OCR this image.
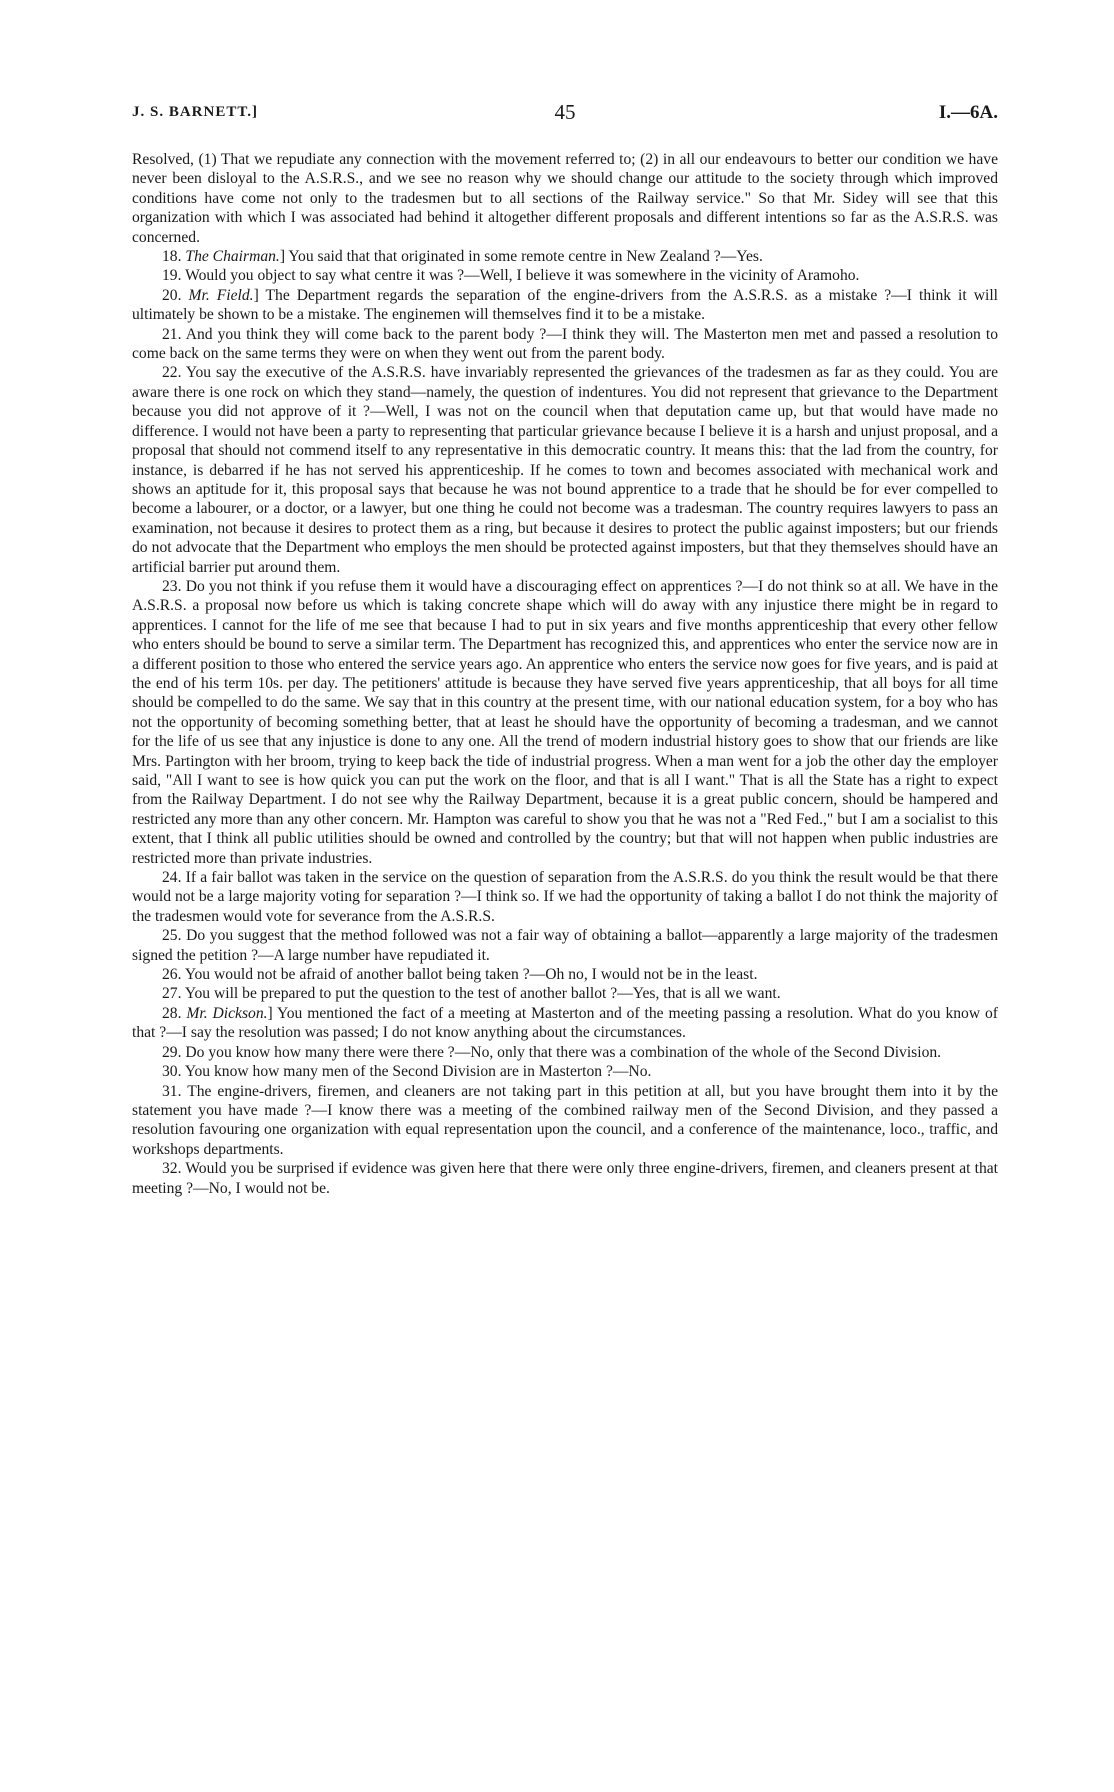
J. S. BARNETT.]	45	I.—6A.

Resolved, (1) That we repudiate any connection with the movement referred to; (2) in all our endeavours to better our condition we have never been disloyal to the A.S.R.S., and we see no reason why we should change our attitude to the society through which improved conditions have come not only to the tradesmen but to all sections of the Railway service." So that Mr. Sidey will see that this organization with which I was associated had behind it altogether different proposals and different intentions so far as the A.S.R.S. was concerned.

18. The Chairman.] You said that that originated in some remote centre in New Zealand ?—Yes.

19. Would you object to say what centre it was ?—Well, I believe it was somewhere in the vicinity of Aramoho.

20. Mr. Field.] The Department regards the separation of the engine-drivers from the A.S.R.S. as a mistake ?—I think it will ultimately be shown to be a mistake. The enginemen will themselves find it to be a mistake.

21. And you think they will come back to the parent body ?—I think they will. The Masterton men met and passed a resolution to come back on the same terms they were on when they went out from the parent body.

22. You say the executive of the A.S.R.S. have invariably represented the grievances of the tradesmen as far as they could. You are aware there is one rock on which they stand—namely, the question of indentures. You did not represent that grievance to the Department because you did not approve of it ?—Well, I was not on the council when that deputation came up, but that would have made no difference. I would not have been a party to representing that particular grievance because I believe it is a harsh and unjust proposal, and a proposal that should not commend itself to any representative in this democratic country. It means this: that the lad from the country, for instance, is debarred if he has not served his apprenticeship. If he comes to town and becomes associated with mechanical work and shows an aptitude for it, this proposal says that because he was not bound apprentice to a trade that he should be for ever compelled to become a labourer, or a doctor, or a lawyer, but one thing he could not become was a tradesman. The country requires lawyers to pass an examination, not because it desires to protect them as a ring, but because it desires to protect the public against imposters; but our friends do not advocate that the Department who employs the men should be protected against imposters, but that they themselves should have an artificial barrier put around them.

23. Do you not think if you refuse them it would have a discouraging effect on apprentices ?—I do not think so at all. We have in the A.S.R.S. a proposal now before us which is taking concrete shape which will do away with any injustice there might be in regard to apprentices. I cannot for the life of me see that because I had to put in six years and five months apprenticeship that every other fellow who enters should be bound to serve a similar term. The Department has recognized this, and apprentices who enter the service now are in a different position to those who entered the service years ago. An apprentice who enters the service now goes for five years, and is paid at the end of his term 10s. per day. The petitioners' attitude is because they have served five years apprenticeship, that all boys for all time should be compelled to do the same. We say that in this country at the present time, with our national education system, for a boy who has not the opportunity of becoming something better, that at least he should have the opportunity of becoming a tradesman, and we cannot for the life of us see that any injustice is done to any one. All the trend of modern industrial history goes to show that our friends are like Mrs. Partington with her broom, trying to keep back the tide of industrial progress. When a man went for a job the other day the employer said, "All I want to see is how quick you can put the work on the floor, and that is all I want." That is all the State has a right to expect from the Railway Department. I do not see why the Railway Department, because it is a great public concern, should be hampered and restricted any more than any other concern. Mr. Hampton was careful to show you that he was not a "Red Fed.," but I am a socialist to this extent, that I think all public utilities should be owned and controlled by the country; but that will not happen when public industries are restricted more than private industries.

24. If a fair ballot was taken in the service on the question of separation from the A.S.R.S. do you think the result would be that there would not be a large majority voting for separation ?—I think so. If we had the opportunity of taking a ballot I do not think the majority of the tradesmen would vote for severance from the A.S.R.S.

25. Do you suggest that the method followed was not a fair way of obtaining a ballot—apparently a large majority of the tradesmen signed the petition ?—A large number have repudiated it.

26. You would not be afraid of another ballot being taken ?—Oh no, I would not be in the least.

27. You will be prepared to put the question to the test of another ballot ?—Yes, that is all we want.

28. Mr. Dickson.] You mentioned the fact of a meeting at Masterton and of the meeting passing a resolution. What do you know of that ?—I say the resolution was passed; I do not know anything about the circumstances.

29. Do you know how many there were there ?—No, only that there was a combination of the whole of the Second Division.

30. You know how many men of the Second Division are in Masterton ?—No.

31. The engine-drivers, firemen, and cleaners are not taking part in this petition at all, but you have brought them into it by the statement you have made ?—I know there was a meeting of the combined railway men of the Second Division, and they passed a resolution favouring one organization with equal representation upon the council, and a conference of the maintenance, loco., traffic, and workshops departments.

32. Would you be surprised if evidence was given here that there were only three engine-drivers, firemen, and cleaners present at that meeting ?—No, I would not be.
